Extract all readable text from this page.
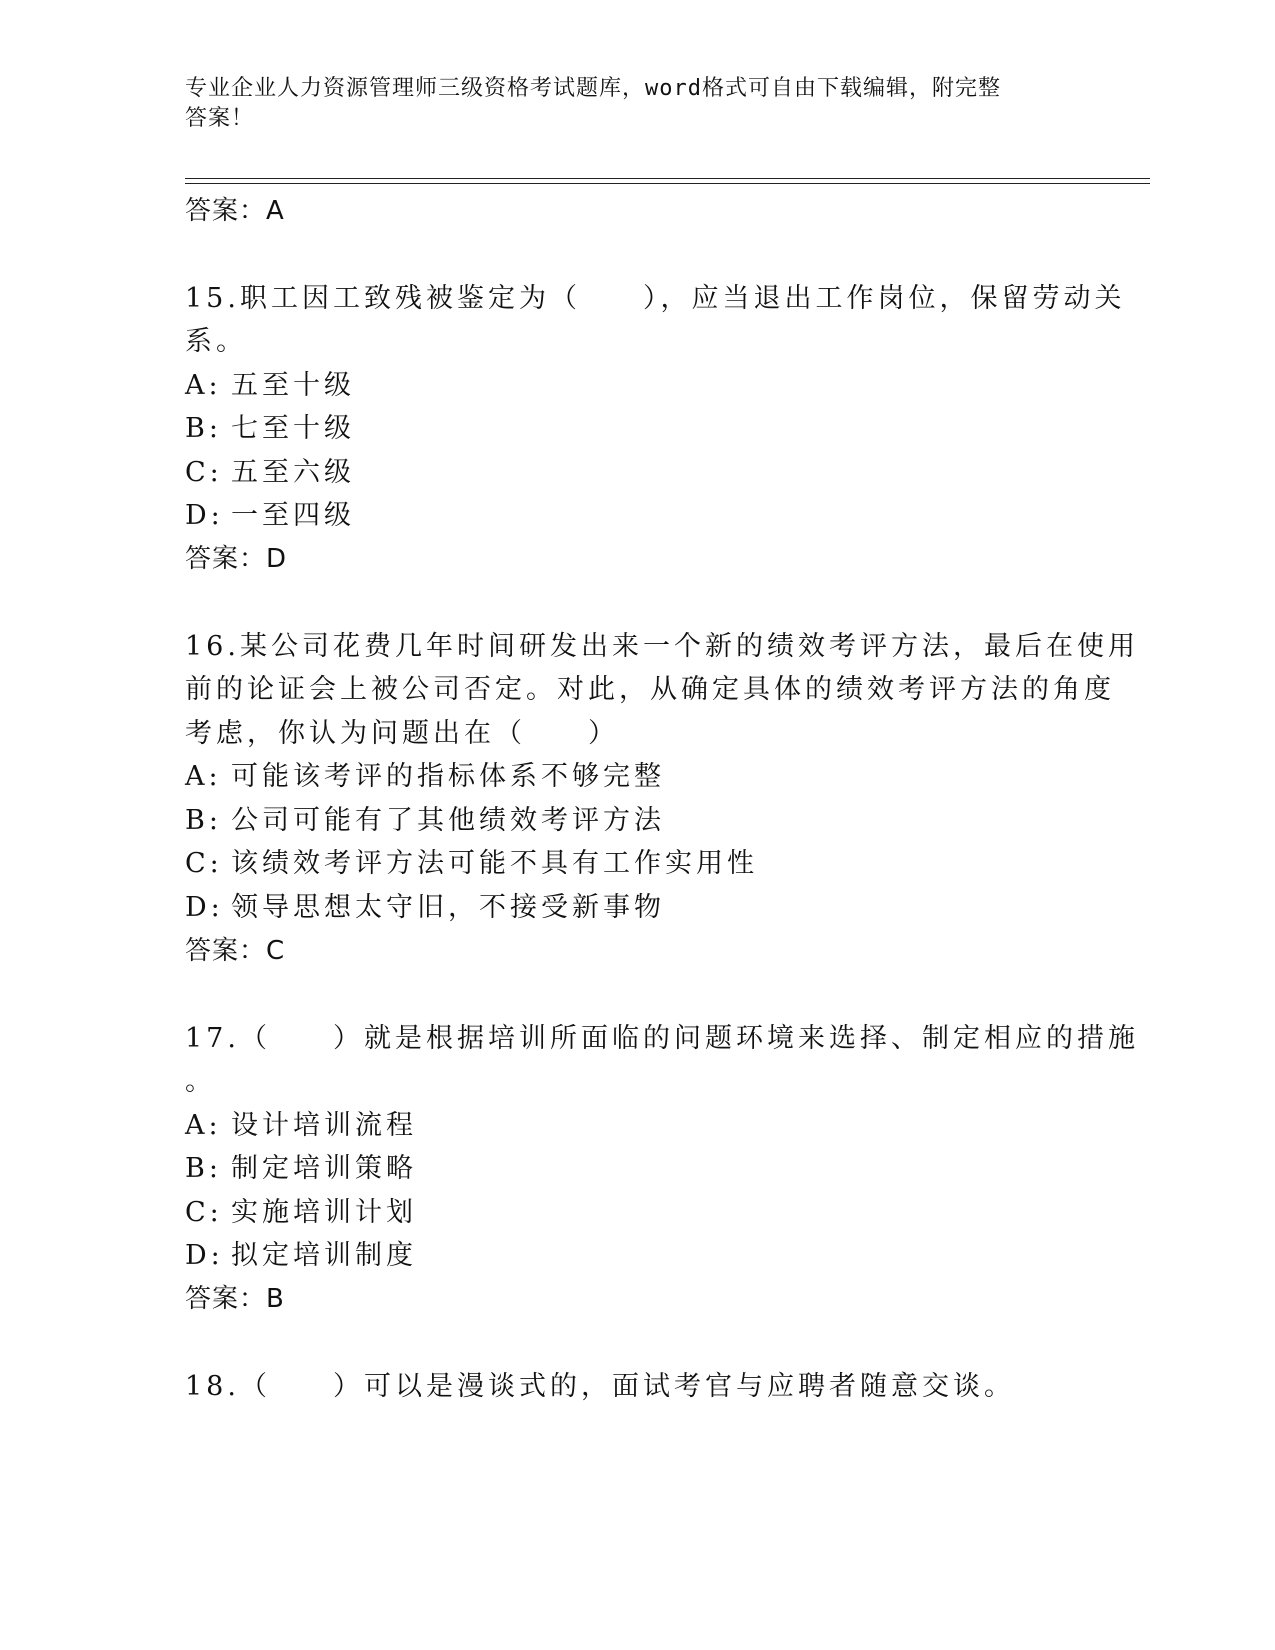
专业企业人力资源管理师三级资格考试题库，word格式可自由下载编辑，附完整
答案！
答案：A
15.职工因工致残被鉴定为（　　），应当退出工作岗位，保留劳动关
系。
A: 五至十级
B: 七至十级
C: 五至六级
D: 一至四级
答案：D
16.某公司花费几年时间研发出来一个新的绩效考评方法，最后在使用
前的论证会上被公司否定。对此，从确定具体的绩效考评方法的角度
考虑，你认为问题出在（　　）
A: 可能该考评的指标体系不够完整
B: 公司可能有了其他绩效考评方法
C: 该绩效考评方法可能不具有工作实用性
D: 领导思想太守旧，不接受新事物
答案：C
17.（　　）就是根据培训所面临的问题环境来选择、制定相应的措施
。
A: 设计培训流程
B: 制定培训策略
C: 实施培训计划
D: 拟定培训制度
答案：B
18.（　　）可以是漫谈式的，面试考官与应聘者随意交谈。
